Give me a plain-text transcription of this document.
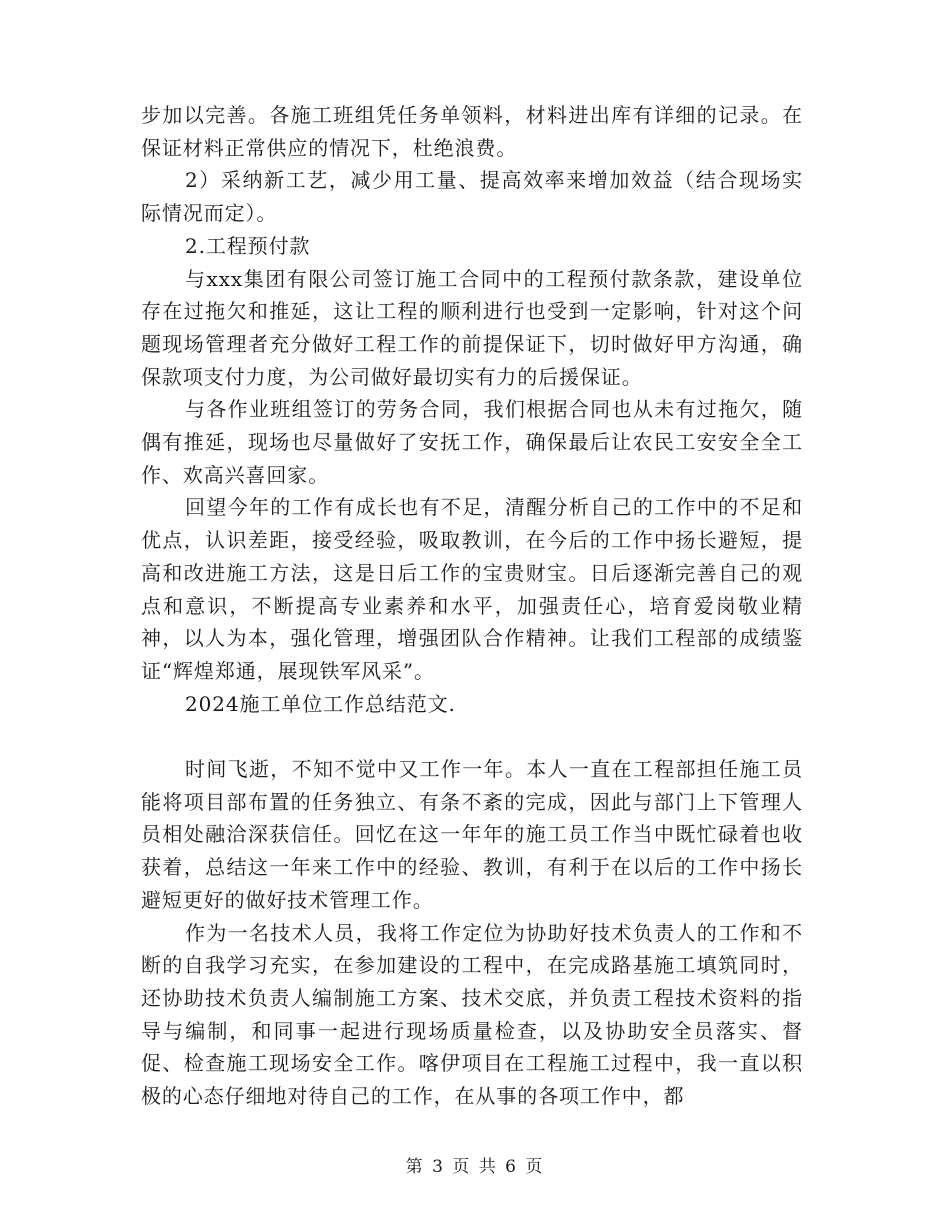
步加以完善。各施工班组凭任务单领料，材料进出库有详细的记录。在保证材料正常供应的情况下，杜绝浪费。

2）采纳新工艺，减少用工量、提高效率来增加效益（结合现场实际情况而定）。

2.工程预付款

与xxx集团有限公司签订施工合同中的工程预付款条款，建设单位存在过拖欠和推延，这让工程的顺利进行也受到一定影响，针对这个问题现场管理者充分做好工程工作的前提保证下，切时做好甲方沟通，确保款项支付力度，为公司做好最切实有力的后援保证。

与各作业班组签订的劳务合同，我们根据合同也从未有过拖欠，随偶有推延，现场也尽量做好了安抚工作，确保最后让农民工安安全全工作、欢高兴喜回家。

回望今年的工作有成长也有不足，清醒分析自己的工作中的不足和优点，认识差距，接受经验，吸取教训，在今后的工作中扬长避短，提高和改进施工方法，这是日后工作的宝贵财宝。日后逐渐完善自己的观点和意识，不断提高专业素养和水平，加强责任心，培育爱岗敬业精神，以人为本，强化管理，增强团队合作精神。让我们工程部的成绩鉴证“辉煌郑通，展现铁军风采”。

2024施工单位工作总结范文.

时间飞逝，不知不觉中又工作一年。本人一直在工程部担任施工员能将项目部布置的任务独立、有条不紊的完成，因此与部门上下管理人员相处融洽深获信任。回忆在这一年年的施工员工作当中既忙碌着也收获着，总结这一年来工作中的经验、教训，有利于在以后的工作中扬长避短更好的做好技术管理工作。

作为一名技术人员，我将工作定位为协助好技术负责人的工作和不断的自我学习充实，在参加建设的工程中，在完成路基施工填筑同时，还协助技术负责人编制施工方案、技术交底，并负责工程技术资料的指导与编制，和同事一起进行现场质量检查，以及协助安全员落实、督促、检查施工现场安全工作。喀伊项目在工程施工过程中，我一直以积极的心态仔细地对待自己的工作，在从事的各项工作中，都

第 3 页 共 6 页
